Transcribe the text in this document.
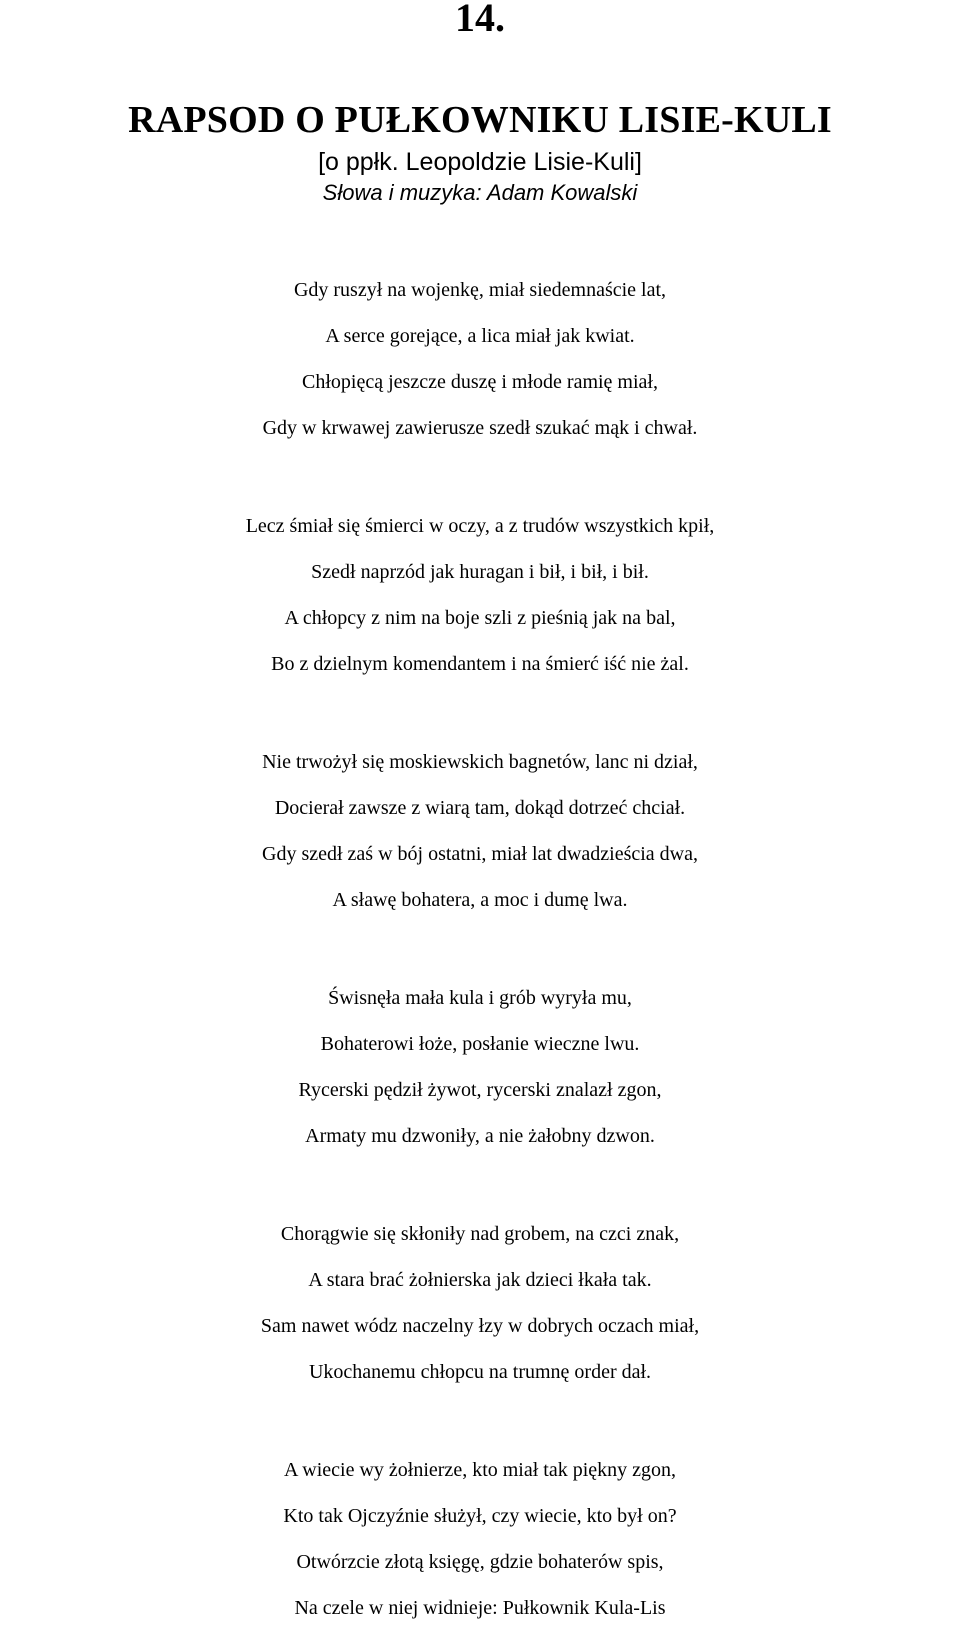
14.
RAPSOD O PUŁKOWNIKU LISIE-KULI
[o ppłk. Leopoldzie Lisie-Kuli]
Słowa i muzyka: Adam Kowalski
Gdy ruszył na wojenkę, miał siedemnaście lat,
A serce gorejące, a lica miał jak kwiat.
Chłopięcą jeszcze duszę i młode ramię miał,
Gdy w krwawej zawierusze szedł szukać mąk i chwał.
Lecz śmiał się śmierci w oczy, a z trudów wszystkich kpił,
Szedł naprzód jak huragan i bił, i bił, i bił.
A chłopcy z nim na boje szli z pieśnią jak na bal,
Bo z dzielnym komendantem i na śmierć iść nie żal.
Nie trwożył się moskiewskich bagnetów, lanc ni dział,
Docierał zawsze z wiarą tam, dokąd dotrzeć chciał.
Gdy szedł zaś w bój ostatni, miał lat dwadzieścia dwa,
A sławę bohatera, a moc i dumę lwa.
Świsnęła mała kula i grób wyryła mu,
Bohaterowi łoże, posłanie wieczne lwu.
Rycerski pędził żywot, rycerski znalazł zgon,
Armaty mu dzwoniły, a nie żałobny dzwon.
Chorągwie się skłoniły nad grobem, na czci znak,
A stara brać żołnierska jak dzieci łkała tak.
Sam nawet wódz naczelny łzy w dobrych oczach miał,
Ukochanemu chłopcu na trumnę order dał.
A wiecie wy żołnierze, kto miał tak piękny zgon,
Kto tak Ojczyźnie służył, czy wiecie, kto był on?
Otwórzcie złotą księgę, gdzie bohaterów spis,
Na czele w niej widnieje: Pułkownik Kula-Lis
